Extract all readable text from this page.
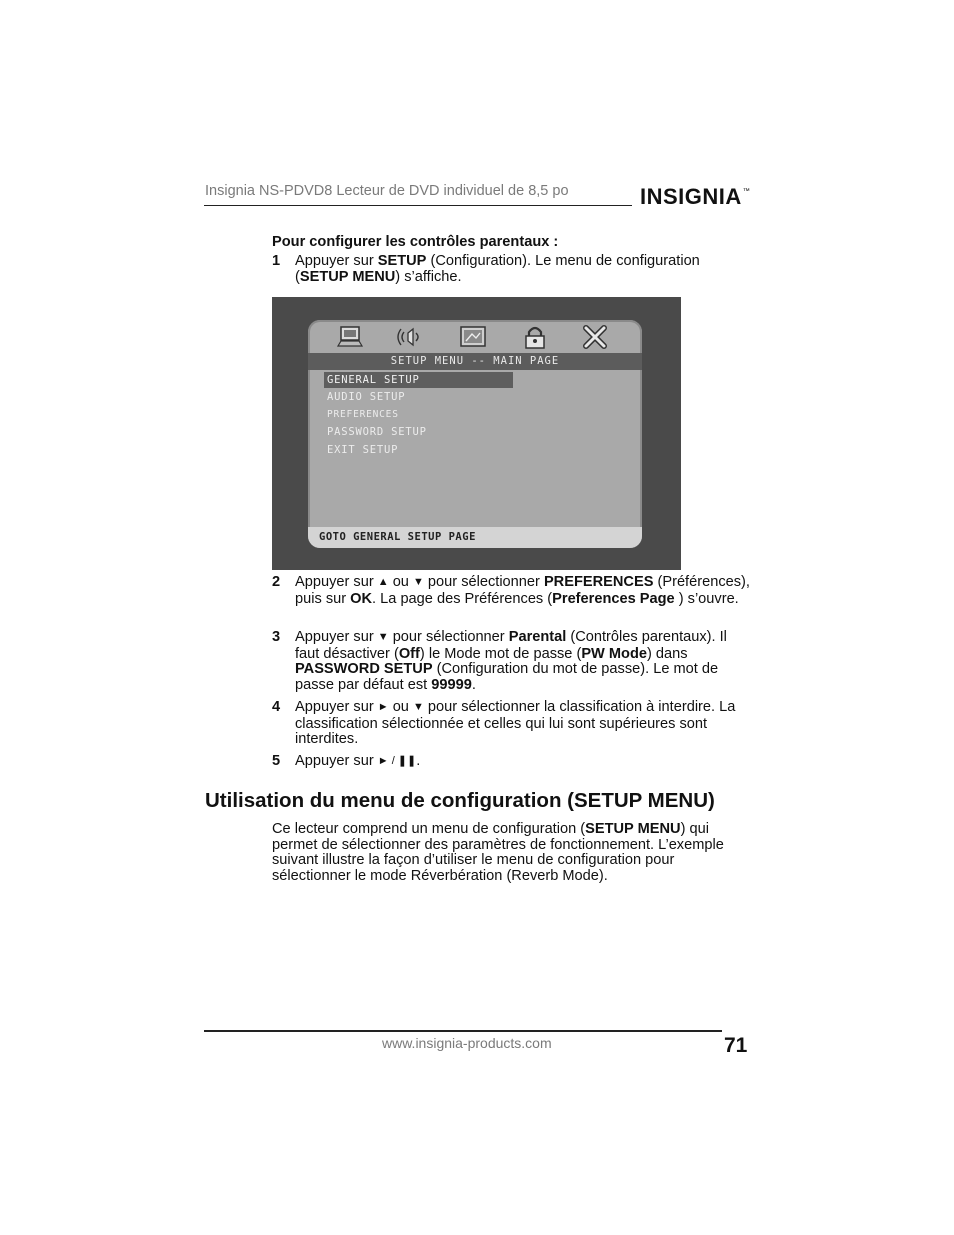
Insignia NS-PDVD8 Lecteur de DVD individuel de 8,5 po	INSIGNIA™
Pour configurer les contrôles parentaux :
1 Appuyer sur SETUP (Configuration). Le menu de configuration (SETUP MENU) s’affiche.
SETUP MENU -- MAIN PAGE
GENERAL SETUP
AUDIO SETUP
PREFERENCES
PASSWORD SETUP
EXIT SETUP
GOTO GENERAL SETUP PAGE
2 Appuyer sur ▲ ou ▼ pour sélectionner PREFERENCES (Préférences), puis sur OK. La page des Préférences (Preferences Page ) s’ouvre.
3 Appuyer sur ▼ pour sélectionner Parental (Contrôles parentaux). Il faut désactiver (Off) le Mode mot de passe (PW Mode) dans PASSWORD SETUP (Configuration du mot de passe). Le mot de passe par défaut est 99999.
4 Appuyer sur ► ou ▼ pour sélectionner la classification à interdire. La classification sélectionnée et celles qui lui sont supérieures sont interdites.
5 Appuyer sur ► / ❚❚.
Utilisation du menu de configuration (SETUP MENU)
Ce lecteur comprend un menu de configuration (SETUP MENU) qui permet de sélectionner des paramètres de fonctionnement. L’exemple suivant illustre la façon d’utiliser le menu de configuration pour sélectionner le mode Réverbération (Reverb Mode).
www.insignia-products.com	71
